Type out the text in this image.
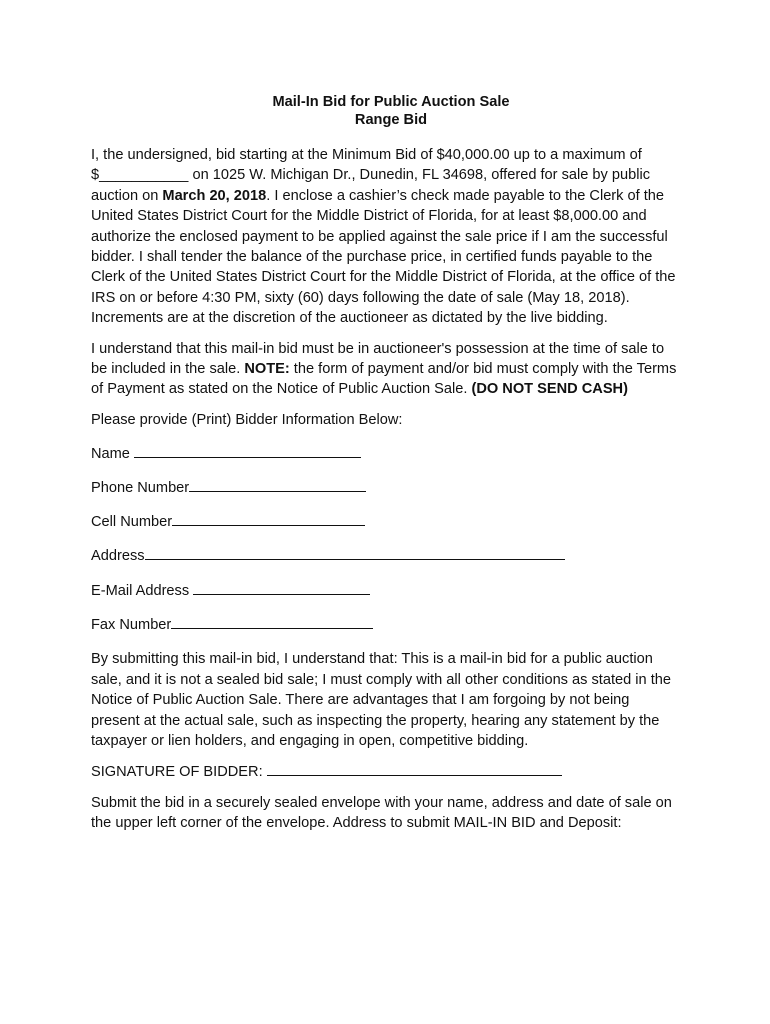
Mail-In Bid for Public Auction Sale
Range Bid

I, the undersigned, bid starting at the Minimum Bid of $40,000.00 up to a maximum of $___________ on 1025 W. Michigan Dr., Dunedin, FL 34698, offered for sale by public auction on March 20, 2018. I enclose a cashier’s check made payable to the Clerk of the United States District Court for the Middle District of Florida, for at least $8,000.00 and authorize the enclosed payment to be applied against the sale price if I am the successful bidder. I shall tender the balance of the purchase price, in certified funds payable to the Clerk of the United States District Court for the Middle District of Florida, at the office of the IRS on or before 4:30 PM, sixty (60) days following the date of sale (May 18, 2018). Increments are at the discretion of the auctioneer as dictated by the live bidding.

I understand that this mail-in bid must be in auctioneer's possession at the time of sale to be included in the sale. NOTE: the form of payment and/or bid must comply with the Terms of Payment as stated on the Notice of Public Auction Sale. (DO NOT SEND CASH)

Please provide (Print) Bidder Information Below:

Name
Phone Number
Cell Number
Address
E-Mail Address
Fax Number

By submitting this mail-in bid, I understand that: This is a mail-in bid for a public auction sale, and it is not a sealed bid sale; I must comply with all other conditions as stated in the Notice of Public Auction Sale. There are advantages that I am forgoing by not being present at the actual sale, such as inspecting the property, hearing any statement by the taxpayer or lien holders, and engaging in open, competitive bidding.

SIGNATURE OF BIDDER:

Submit the bid in a securely sealed envelope with your name, address and date of sale on the upper left corner of the envelope. Address to submit MAIL-IN BID and Deposit:
